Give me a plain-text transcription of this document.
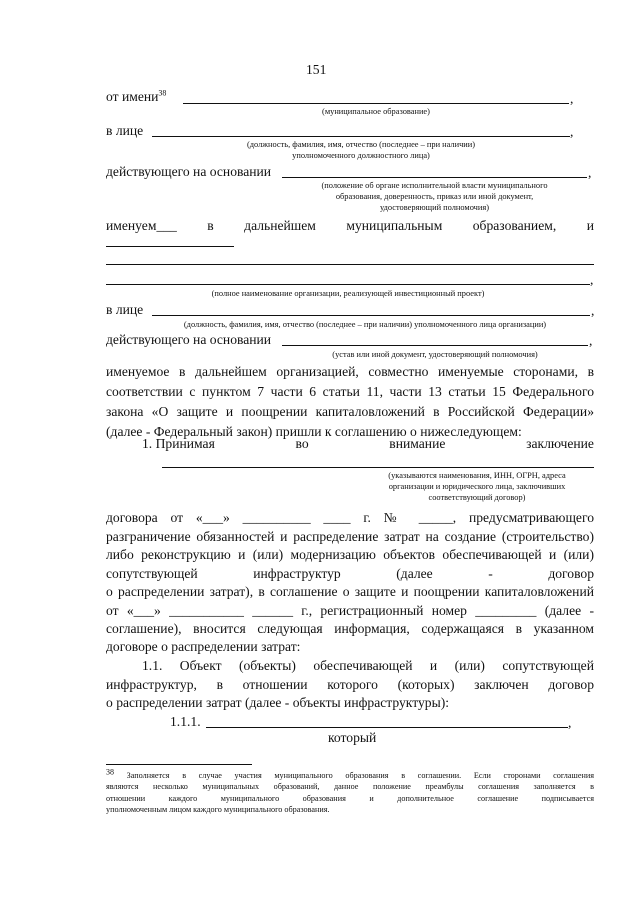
151
от имени$^{38}$	,
(муниципальное образование)
в лице	,
(должность, фамилия, имя, отчество (последнее – при наличии)
уполномоченного должностного лица)
действующего на основании	,
(положение об органе исполнительной власти муниципального
образования, доверенность, приказ или иной документ,
удостоверяющий полномочия)
именуем___ в дальнейшем муниципальным образованием, и
,
(полное наименование организации, реализующей инвестиционный проект)
в лице	,
(должность, фамилия, имя, отчество (последнее – при наличии) уполномоченного лица организации)
действующего на основании	,
(устав или иной документ, удостоверяющий полномочия)
именуемое в дальнейшем организацией, совместно именуемые сторонами, в
соответствии с пунктом 7 части 6 статьи 11, части 13 статьи 15 Федерального
закона «О защите и поощрении капиталовложений в Российской Федерации»
(далее - Федеральный закон) пришли к соглашению о нижеследующем:
1. Принимая	во	внимание	заключение
(указываются наименования, ИНН, ОГРН, адреса
организации и юридического лица, заключивших
соответствующий договор)
договора от «___» __________ ____ г. № _____, предусматривающего
разграничение обязанностей и распределение затрат на создание (строительство)
либо реконструкцию и (или) модернизацию объектов обеспечивающей и (или)
сопутствующей инфраструктур (далее - договор
о распределении затрат), в соглашение о защите и поощрении капиталовложений
от «___» ___________ ______ г., регистрационный номер _________ (далее -
соглашение), вносится следующая информация, содержащаяся в указанном
договоре о распределении затрат:
1.1. Объект (объекты) обеспечивающей и (или) сопутствующей
инфраструктур, в отношении которого (которых) заключен договор
о распределении затрат (далее - объекты инфраструктуры):
1.1.1.	,
который
$^{38}$ Заполняется в случае участия муниципального образования в соглашении. Если сторонами соглашения
являются несколько муниципальных образований, данное положение преамбулы соглашения заполняется в
отношении каждого муниципального образования и дополнительное соглашение подписывается
уполномоченным лицом каждого муниципального образования.
